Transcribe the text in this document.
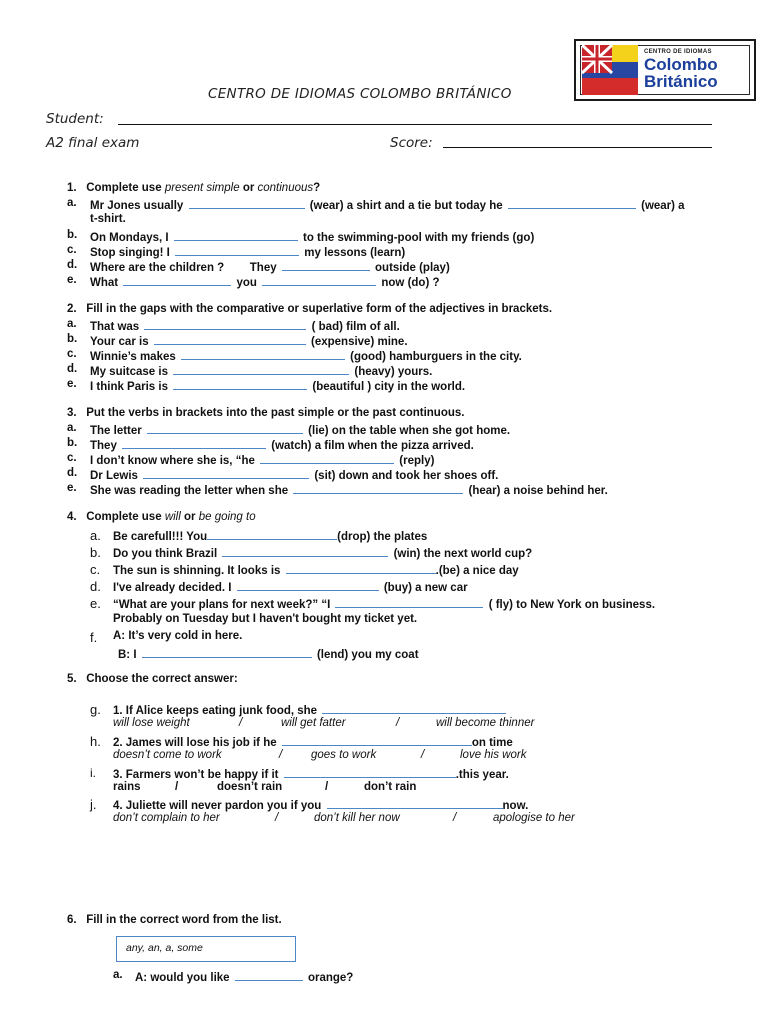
CENTRO DE IDIOMAS
Colombo
Británico
CENTRO DE IDIOMAS COLOMBO BRITÁNICO
Student:
A2 final exam	Score:
1. Complete use present simple or continuous?
a. Mr Jones usually	(wear) a shirt and a tie but today he	(wear) a
t-shirt.
b. On Mondays, I	to the swimming-pool with my friends (go)
c. Stop singing! I	my lessons (learn)
d. Where are the children ? They	outside (play)
e. What	you	now (do) ?
2. Fill in the gaps with the comparative or superlative form of the adjectives in brackets.
a. That was	( bad) film of all.
b. Your car is	(expensive) mine.
c. Winnie’s makes	(good) hamburguers in the city.
d. My suitcase is	(heavy) yours.
e. I think Paris is	(beautiful ) city in the world.
3. Put the verbs in brackets into the past simple or the past continuous.
a. The letter	(lie) on the table when she got home.
b. They	(watch) a film when the pizza arrived.
c. I don’t know where she is, “he	(reply)
d. Dr Lewis	(sit) down and took her shoes off.
e. She was reading the letter when she	(hear) a noise behind her.
4. Complete use will or be going to
a. Be carefull!!! You	(drop) the plates
b. Do you think Brazil	(win) the next world cup?
c. The sun is shinning. It looks is	.(be) a nice day
d. I've already decided. I	(buy) a new car
e. “What are your plans for next week?” “I	( fly) to New York on business.
Probably on Tuesday but I haven't bought my ticket yet.
f. A: It’s very cold in here.
B: I	(lend) you my coat
5. Choose the correct answer:
g. 1. If Alice keeps eating junk food, she
will lose weight	/	will get fatter	/	will become thinner
h. 2. James will lose his job if he	on time
doesn’t come to work	/	goes to work	/	love his work
i. 3. Farmers won’t be happy if it	.this year.
rains	/	doesn’t rain	/	don’t rain
j. 4. Juliette will never pardon you if you	now.
don’t complain to her	/	don’t kill her now	/	apologise to her
6. Fill in the correct word from the list.
any, an, a, some
a. A: would you like	orange?
